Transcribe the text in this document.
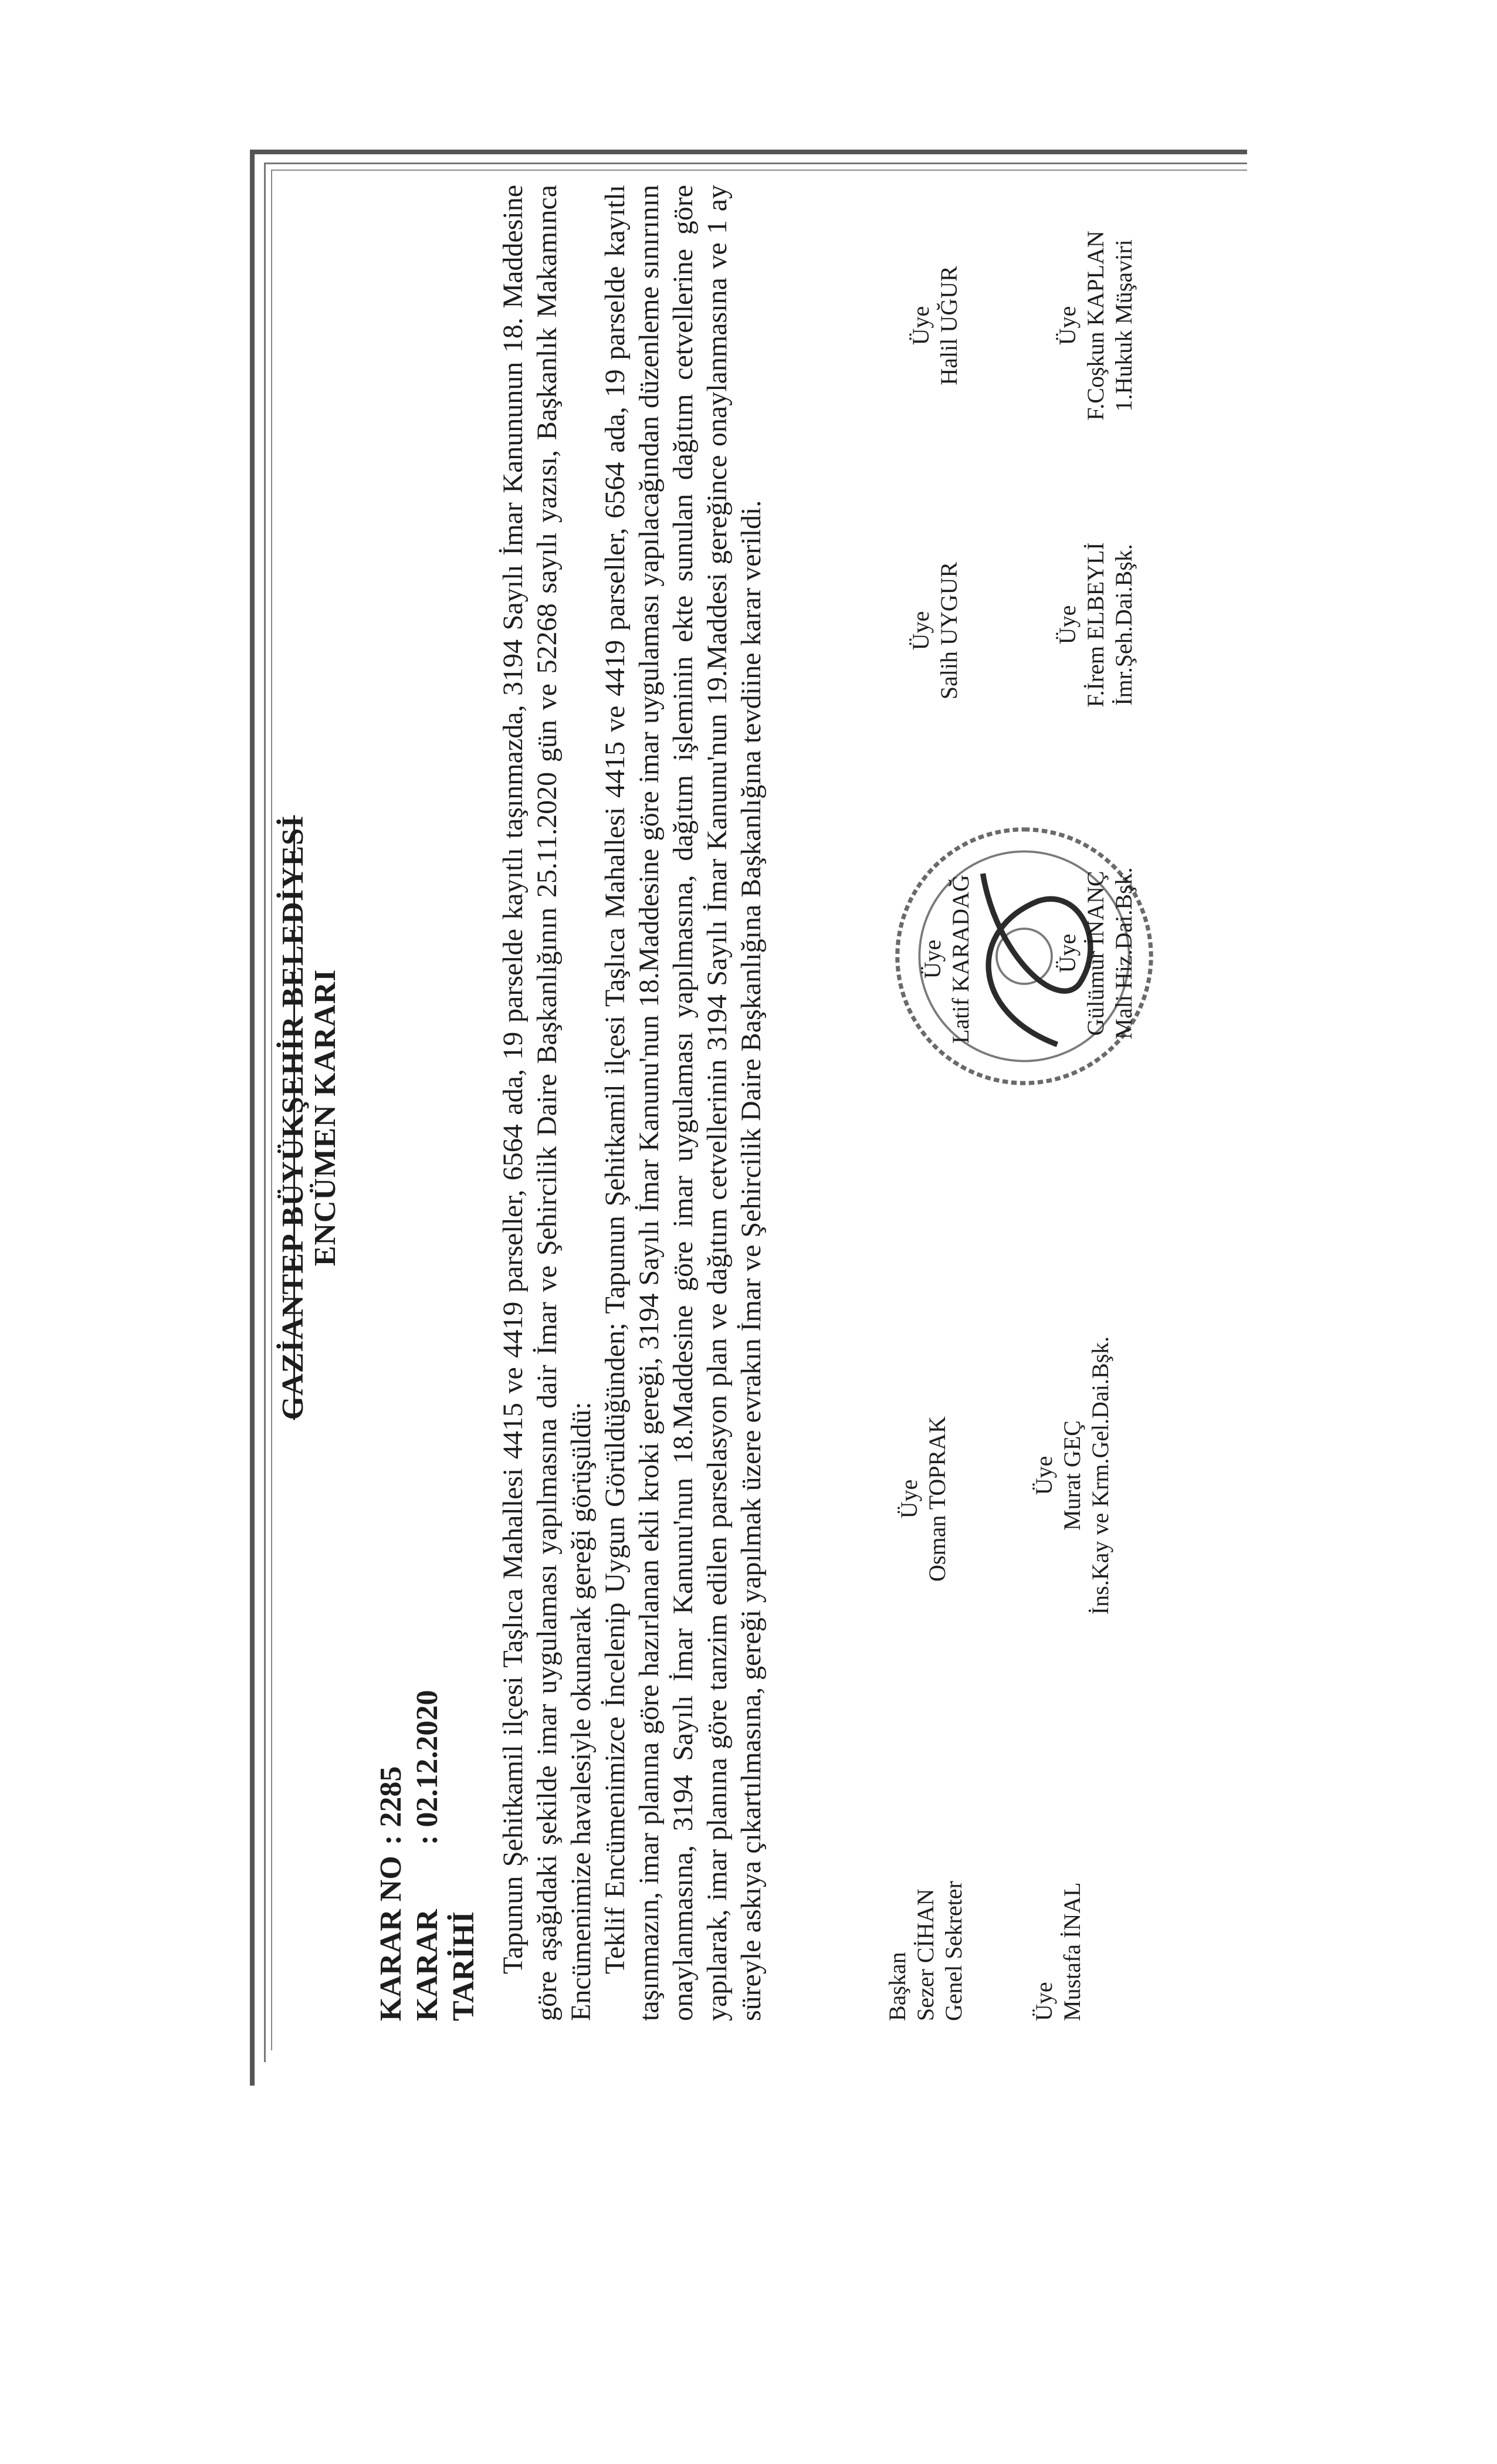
GAZİANTEP BÜYÜKŞEHİR BELEDİYESİ
ENCÜMEN KARARI
KARAR NO
: 2285
KARAR TARİHİ
: 02.12.2020	Tapunun Şehitkamil ilçesi Taşlıca Mahallesi 4415 ve 4419 parseller, 6564 ada, 19 parselde kayıtlı taşınmazda, 3194 Sayılı İmar Kanununun 18. Maddesine göre aşağıdaki şekilde imar uygulaması yapılmasına dair İmar ve Şehircilik Daire Başkanlığının 25.11.2020 gün ve 52268 sayılı yazısı, Başkanlık Makamınca Encümenimize havalesiyle okunarak gereği görüşüldü: Teklif Encümenimizce İncelenip Uygun Görüldüğünden; Tapunun Şehitkamil ilçesi Taşlıca Mahallesi 4415 ve 4419 parseller, 6564 ada, 19 parselde kayıtlı taşınmazın, imar planına göre hazırlanan ekli kroki gereği, 3194 Sayılı İmar Kanunu'nun 18.Maddesine göre imar uygulaması yapılacağından düzenleme sınırının onaylanmasına, 3194 Sayılı İmar Kanunu'nun 18.Maddesine göre imar uygulaması yapılmasına, dağıtım işleminin ekte sunulan dağıtım cetvellerine göre yapılarak, imar planına göre tanzim edilen parselasyon plan ve dağıtım cetvellerinin 3194 Sayılı İmar Kanunu'nun 19.Maddesi gereğince onaylanmasına ve 1 ay süreyle askıya çıkartılmasına, gereği yapılmak üzere evrakın İmar ve Şehircilik Daire Başkanlığına Başkanlığına tevdiine karar verildi.	Başkan Sezer CİHAN Genel Sekreter
Üye Osman TOPRAK
Üye Latif KARADAĞ
Üye Salih UYGUR
Üye Halil UĞUR
Üye Mustafa İNAL
Üye Murat GEÇ İns.Kay ve Krm.Gel.Dai.Bşk.
Üye Gülümür İNANÇ Mali Hiz.Dai.Bşk.
Üye F.İrem ELBEYLİ İmr.Şeh.Dai.Bşk.
Üye F.Coşkun KAPLAN 1.Hukuk Müşaviri
